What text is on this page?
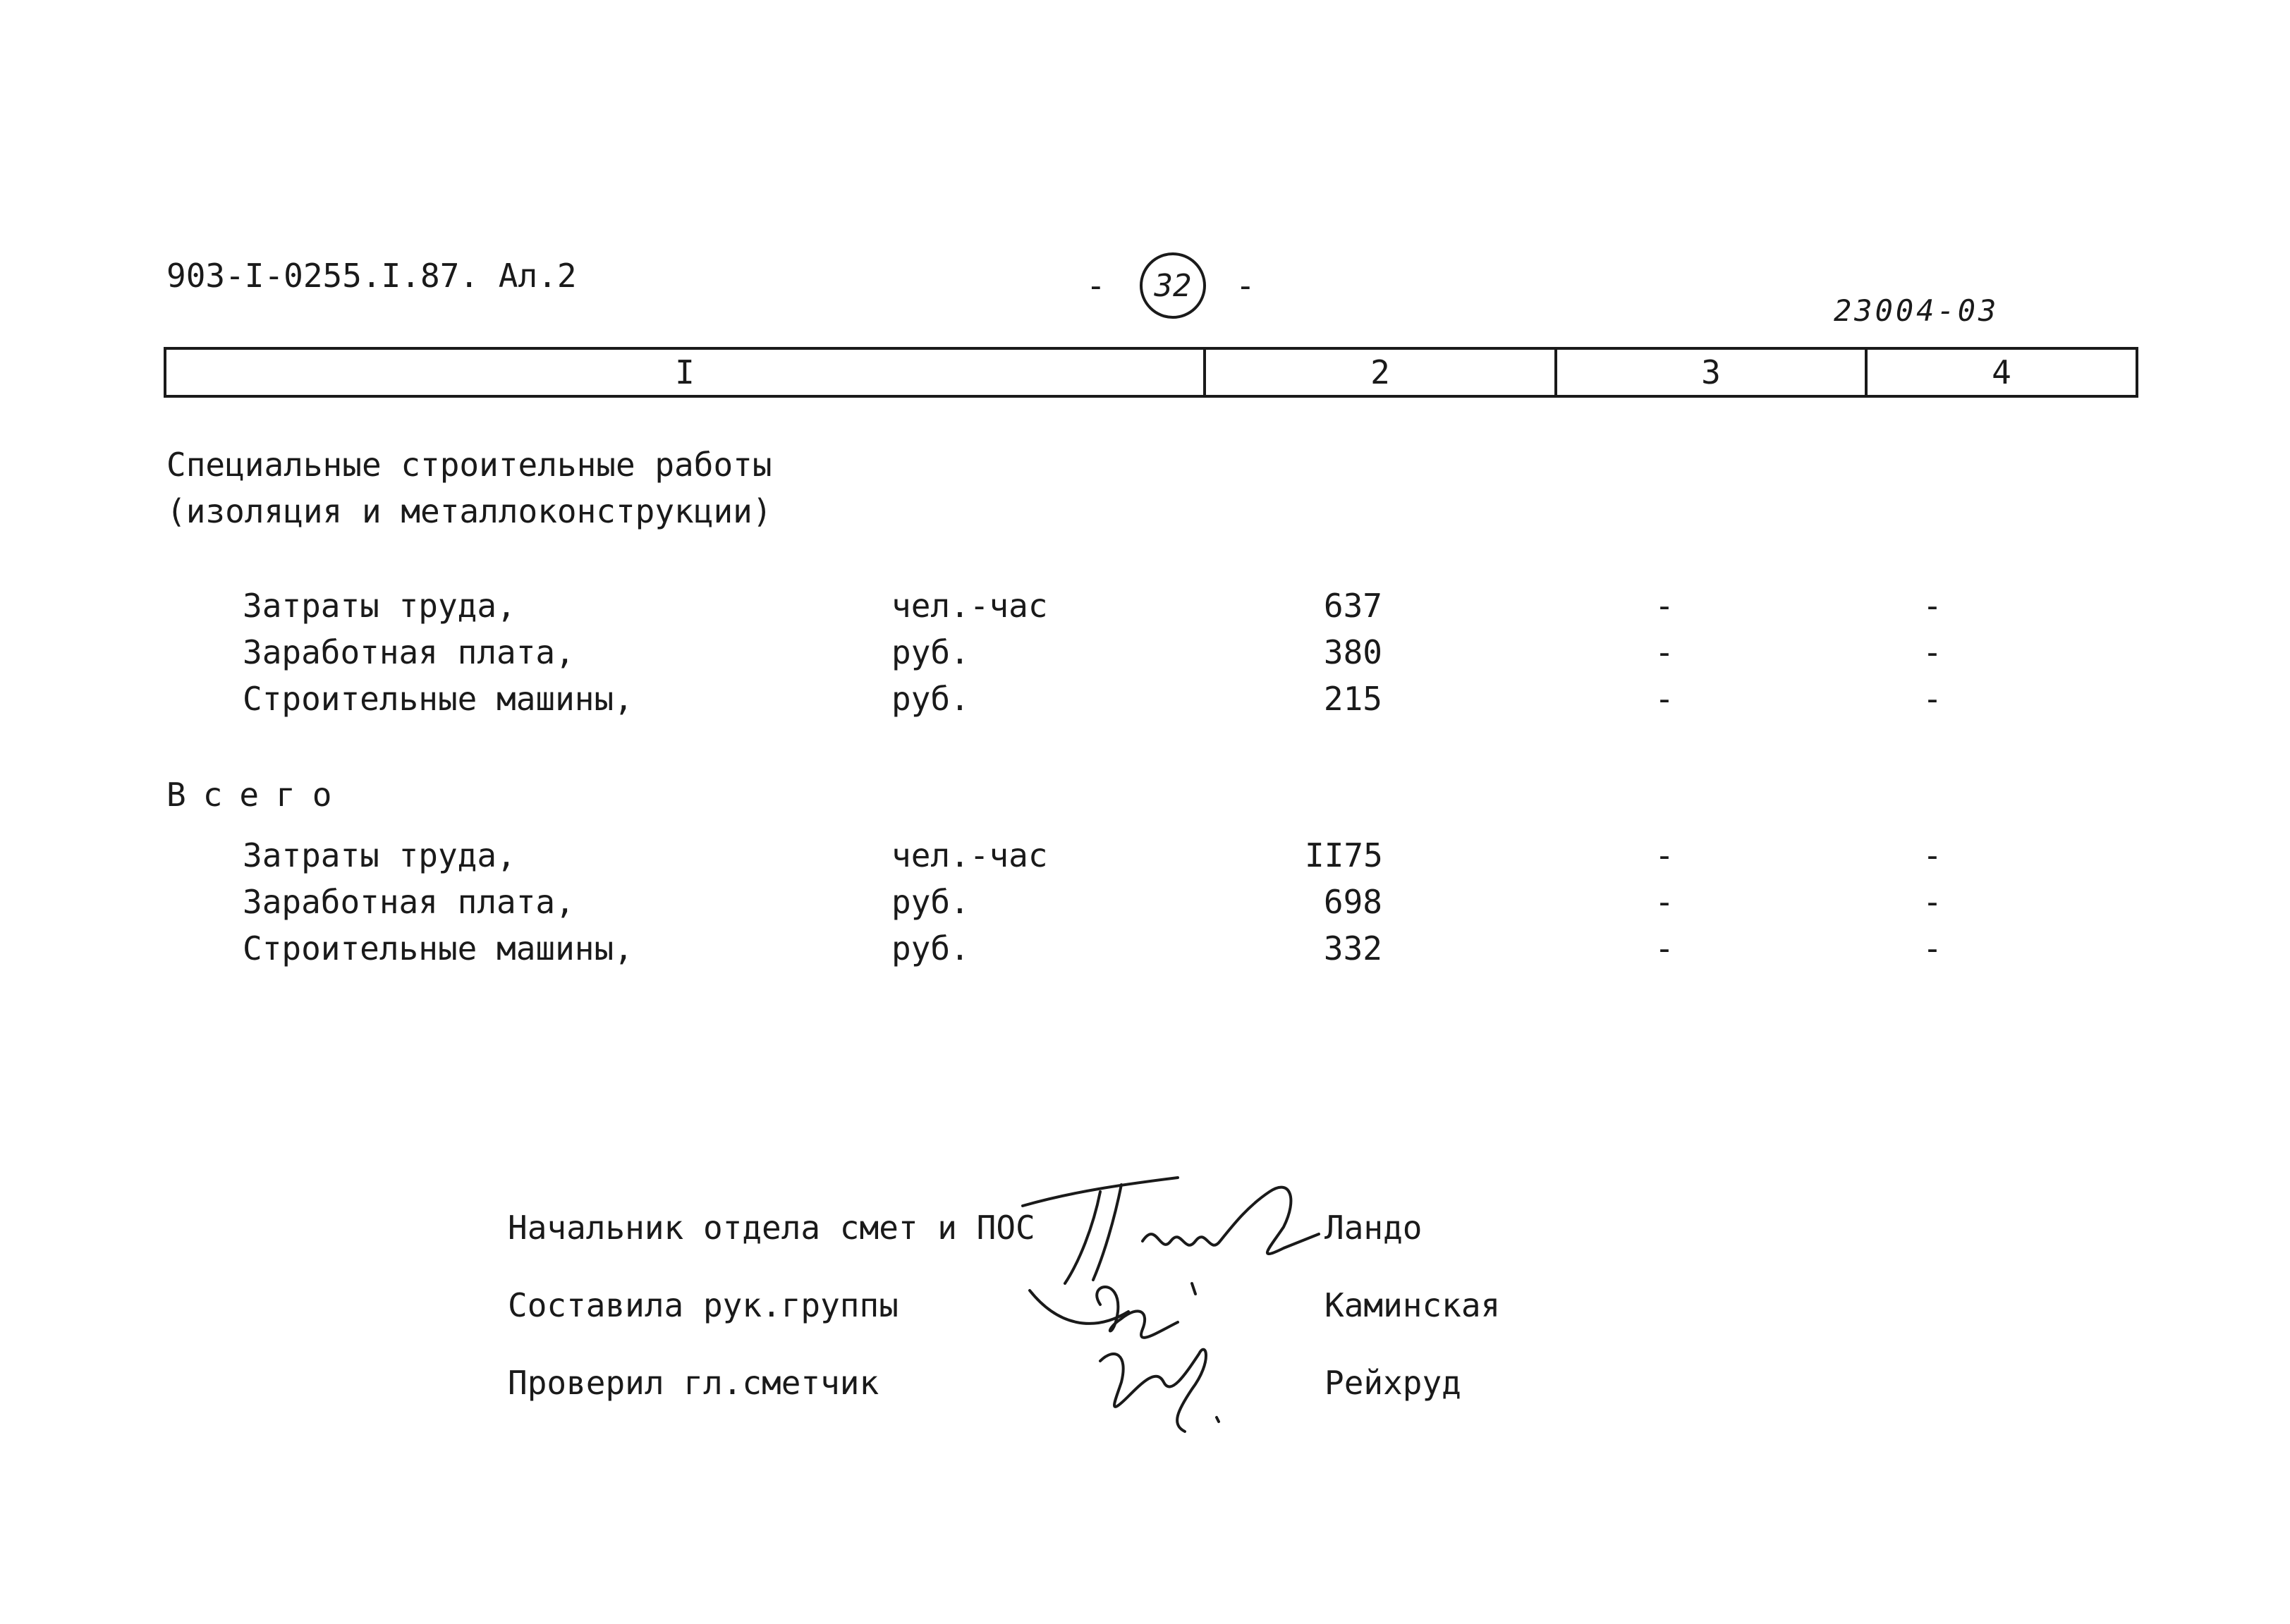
903-I-0255.I.87. Ал.2	-	32	-
23004-03
I	2	3	4
Специальные строительные работы
(изоляция и металлоконструкции)
Затраты труда,	чел.-час	637	-	-
Заработная плата,	руб.	380	-	-
Строительные машины,	руб.	215	-	-
Всего
Затраты труда,	чел.-час	II75	-	-
Заработная плата,	руб.	698	-	-
Строительные машины,	руб.	332	-	-
Начальник отдела смет и ПОС	Ландо
Составила рук.группы	Каминская
Проверил гл.сметчик	Рейхруд
